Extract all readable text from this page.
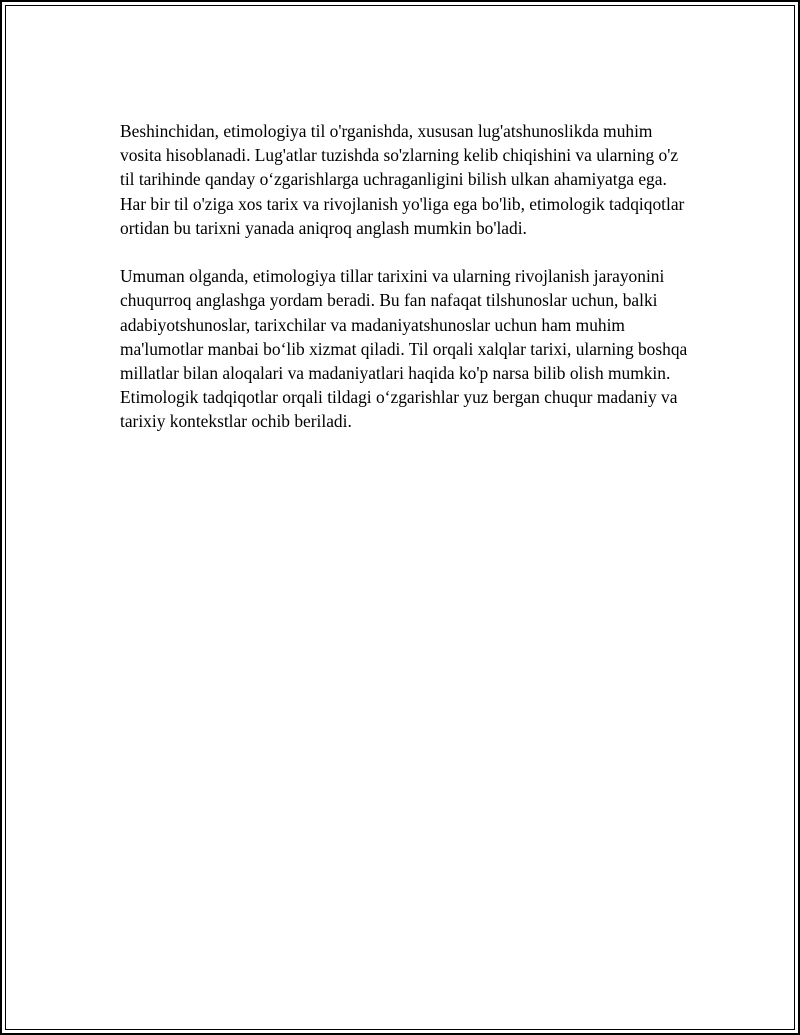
Beshinchidan, etimologiya til o'rganishda, xususan lug'atshunoslikda muhim vosita hisoblanadi. Lug'atlar tuzishda so'zlarning kelib chiqishini va ularning o'z til tarihinde qanday o‘zgarishlarga uchraganligini bilish ulkan ahamiyatga ega. Har bir til o'ziga xos tarix va rivojlanish yo'liga ega bo'lib, etimologik tadqiqotlar ortidan bu tarixni yanada aniqroq anglash mumkin bo'ladi.

Umuman olganda, etimologiya tillar tarixini va ularning rivojlanish jarayonini chuqurroq anglashga yordam beradi. Bu fan nafaqat tilshunoslar uchun, balki adabiyotshunoslar, tarixchilar va madaniyatshunoslar uchun ham muhim ma'lumotlar manbai bo‘lib xizmat qiladi. Til orqali xalqlar tarixi, ularning boshqa millatlar bilan aloqalari va madaniyatlari haqida ko'p narsa bilib olish mumkin. Etimologik tadqiqotlar orqali tildagi o‘zgarishlar yuz bergan chuqur madaniy va tarixiy kontekstlar ochib beriladi.
